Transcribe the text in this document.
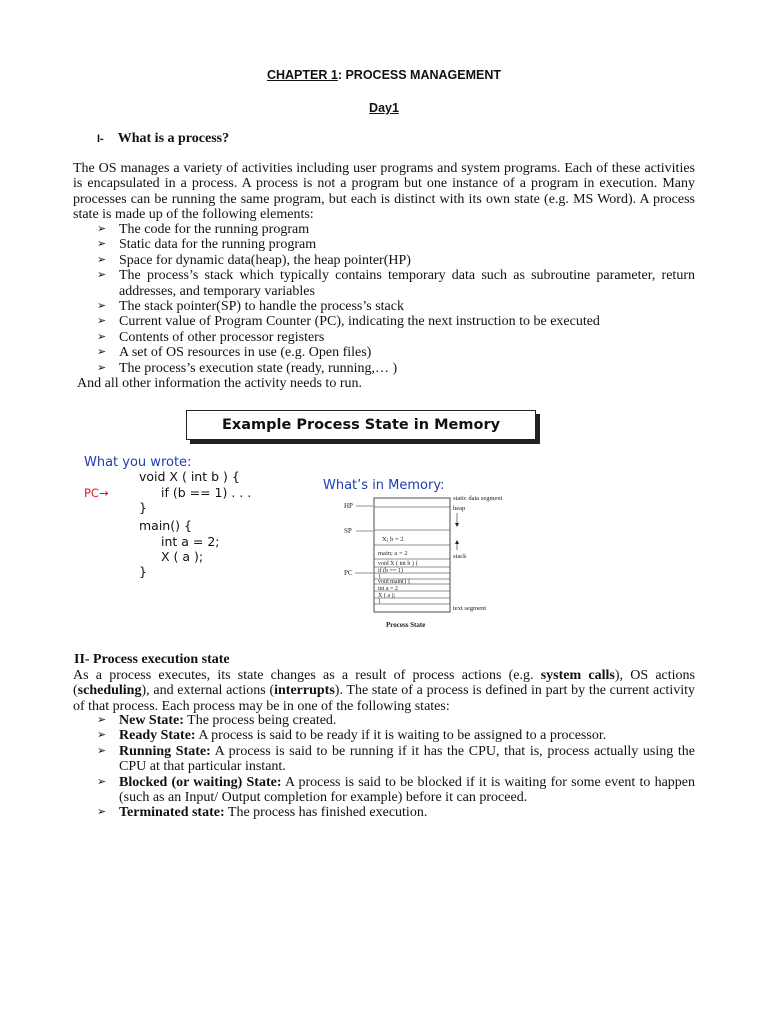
CHAPTER 1: PROCESS MANAGEMENT
Day1
I- What is a process?
The OS manages a variety of activities including user programs and system programs. Each of these activities is encapsulated in a process. A process is not a program but one instance of a program in execution. Many processes can be running the same program, but each is distinct with its own state (e.g. MS Word). A process state is made up of the following elements:
➢ The code for the running program
➢ Static data for the running program
➢ Space for dynamic data(heap), the heap pointer(HP)
➢ The process’s stack which typically contains temporary data such as subroutine parameter, return addresses, and temporary variables
➢ The stack pointer(SP) to handle the process’s stack
➢ Current value of Program Counter (PC), indicating the next instruction to be executed
➢ Contents of other processor registers
➢ A set of OS resources in use (e.g. Open files)
➢ The process’s execution state (ready, running,… )
And all other information the activity needs to run.
Example Process State in Memory
What you wrote:
void X ( int b ) {
PC→	if (b == 1) . . .
}
main() {
int a = 2;
X ( a );
}
What’s in Memory:
X; b = 2
main; a = 2
void X ( int b ) {
if (b == 1)
}
void main() {
int a = 2
X ( a );
}
HP
SP
PC
static data segment
heap
stack
text segment
Process State
II- Process execution state
As a process executes, its state changes as a result of process actions (e.g. system calls), OS actions (scheduling), and external actions (interrupts). The state of a process is defined in part by the current activity of that process. Each process may be in one of the following states:
➢ New State: The process being created.
➢ Ready State: A process is said to be ready if it is waiting to be assigned to a processor.
➢ Running State: A process is said to be running if it has the CPU, that is, process actually using the CPU at that particular instant.
➢ Blocked (or waiting) State: A process is said to be blocked if it is waiting for some event to happen (such as an Input/ Output completion for example) before it can proceed.
➢ Terminated state: The process has finished execution.
